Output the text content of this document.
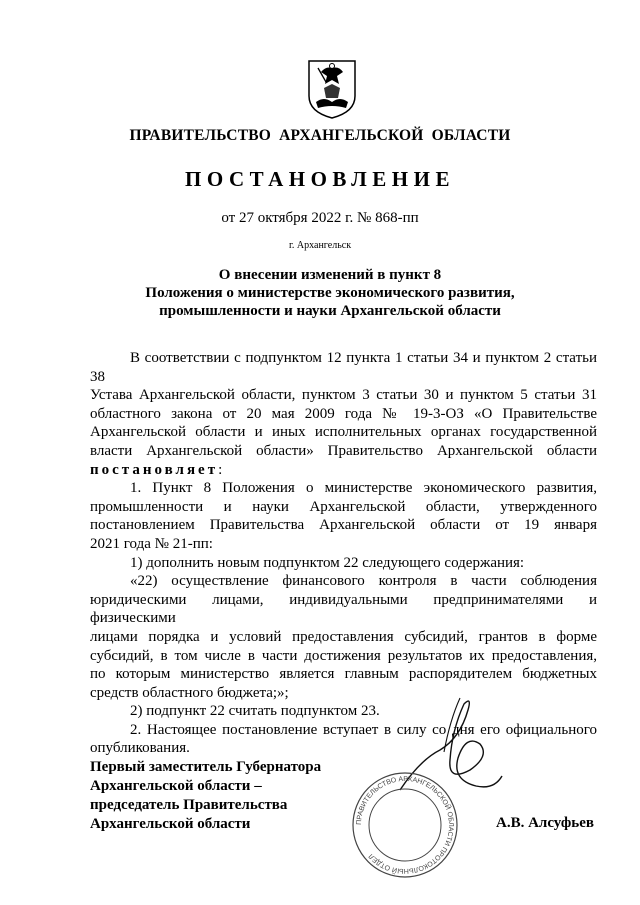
ПРАВИТЕЛЬСТВО АРХАНГЕЛЬСКОЙ ОБЛАСТИ
ПОСТАНОВЛЕНИЕ
от 27 октября 2022 г. № 868-пп
г. Архангельск
О внесении изменений в пункт 8
Положения о министерстве экономического развития,
промышленности и науки Архангельской области

В соответствии с подпунктом 12 пункта 1 статьи 34 и пунктом 2 статьи 38

Устава Архангельской области, пунктом 3 статьи 30 и пунктом 5 статьи 31

областного закона от 20 мая 2009 года № 19-3-ОЗ «О Правительстве

Архангельской области и иных исполнительных органах государственной

власти Архангельской области» Правительство Архангельской области

постановляет:

1. Пункт 8 Положения о министерстве экономического развития,

промышленности и науки Архангельской области, утвержденного

постановлением Правительства Архангельской области от 19 января

2021 года № 21-пп:

1) дополнить новым подпунктом 22 следующего содержания:

«22) осуществление финансового контроля в части соблюдения

юридическими лицами, индивидуальными предпринимателями и физическими

лицами порядка и условий предоставления субсидий, грантов в форме

субсидий, в том числе в части достижения результатов их предоставления,

по которым министерство является главным распорядителем бюджетных

средств областного бюджета;»;

2) подпункт 22 считать подпунктом 23.

2. Настоящее постановление вступает в силу со дня его официального

опубликования.

ПРАВИТЕЛЬСТВО АРХАНГЕЛЬСКОЙ ОБЛАСТИ ПРОТОКОЛЬНЫЙ ОТДЕЛ
Первый заместитель Губернатора
Архангельской области –
председатель Правительства
Архангельской области	А.В. Алсуфьев
